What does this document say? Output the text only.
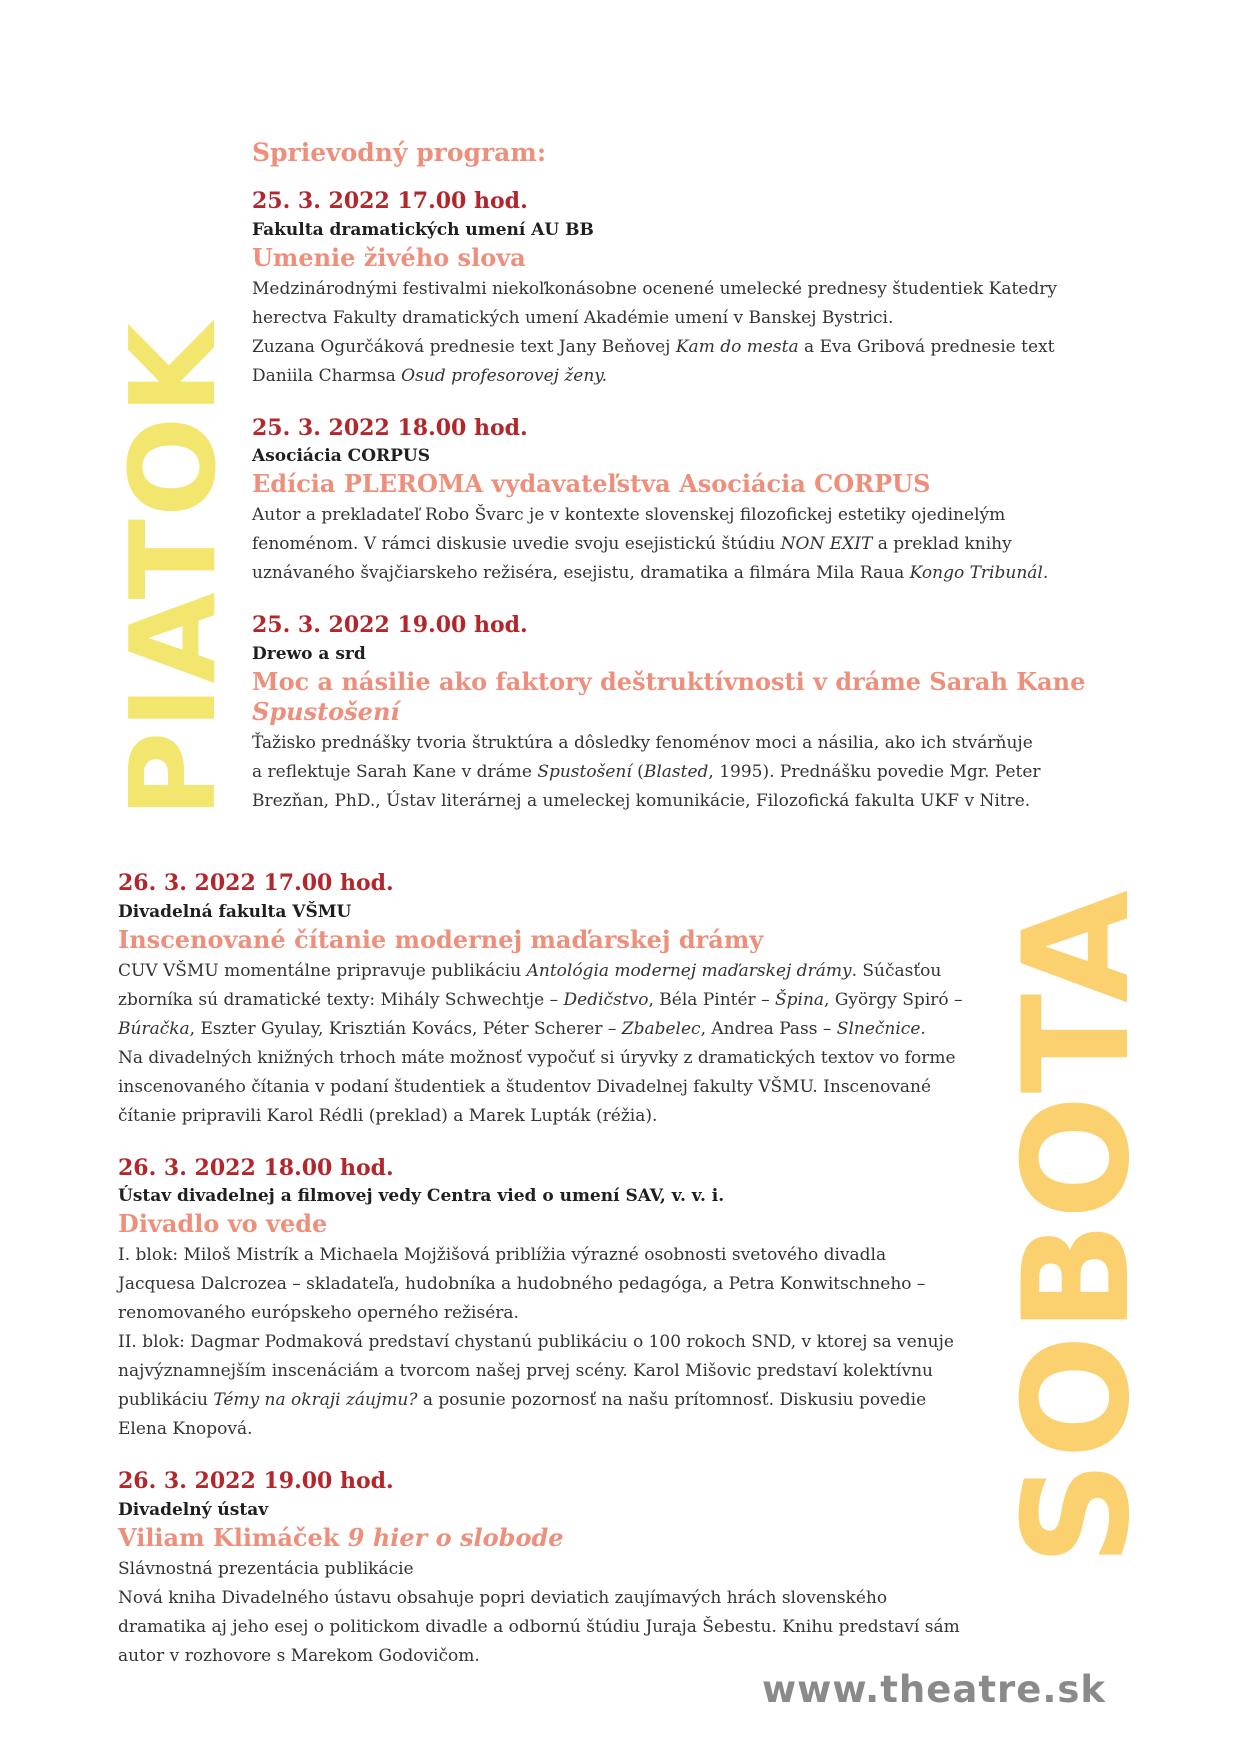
PIATOK
SOBOTA
Sprievodný program:
25. 3. 2022 17.00 hod.
Fakulta dramatických umení AU BB
Umenie živého slova

Medzinárodnými festivalmi niekoľkonásobne ocenené umelecké prednesy študentiek Katedry
herectva Fakulty dramatických umení Akadémie umení v Banskej Bystrici.
Zuzana Ogurčáková prednesie text Jany Beňovej Kam do mesta a Eva Gribová prednesie text
Daniila Charmsa Osud profesorovej ženy.

25. 3. 2022 18.00 hod.
Asociácia CORPUS
Edícia PLEROMA vydavateľstva Asociácia CORPUS

Autor a prekladateľ Robo Švarc je v kontexte slovenskej filozofickej estetiky ojedinelým
fenoménom. V rámci diskusie uvedie svoju esejistickú štúdiu NON EXIT a preklad knihy
uznávaného švajčiarskeho režiséra, esejistu, dramatika a filmára Mila Raua Kongo Tribunál.

25. 3. 2022 19.00 hod.
Drewo a srd
Moc a násilie ako faktory deštruktívnosti v dráme Sarah Kane
Spustošení

Ťažisko prednášky tvoria štruktúra a dôsledky fenoménov moci a násilia, ako ich stvárňuje
a reflektuje Sarah Kane v dráme Spustošení (Blasted, 1995). Prednášku povedie Mgr. Peter
Brezňan, PhD., Ústav literárnej a umeleckej komunikácie, Filozofická fakulta UKF v Nitre.

26. 3. 2022 17.00 hod.
Divadelná fakulta VŠMU
Inscenované čítanie modernej maďarskej drámy

CUV VŠMU momentálne pripravuje publikáciu Antológia modernej maďarskej drámy. Súčasťou
zborníka sú dramatické texty: Mihály Schwechtje – Dedičstvo, Béla Pintér – Špina, György Spiró –
Búračka, Eszter Gyulay, Krisztián Kovács, Péter Scherer – Zbabelec, Andrea Pass – Slnečnice.
Na divadelných knižných trhoch máte možnosť vypočuť si úryvky z dramatických textov vo forme
inscenovaného čítania v podaní študentiek a študentov Divadelnej fakulty VŠMU. Inscenované
čítanie pripravili Karol Rédli (preklad) a Marek Lupták (réžia).

26. 3. 2022 18.00 hod.
Ústav divadelnej a filmovej vedy Centra vied o umení SAV, v. v. i.
Divadlo vo vede

I. blok: Miloš Mistrík a Michaela Mojžišová priblížia výrazné osobnosti svetového divadla
Jacquesa Dalcrozea – skladateľa, hudobníka a hudobného pedagóga, a Petra Konwitschneho –
renomovaného európskeho operného režiséra.
II. blok: Dagmar Podmaková predstaví chystanú publikáciu o 100 rokoch SND, v ktorej sa venuje
najvýznamnejším inscenáciám a tvorcom našej prvej scény. Karol Mišovic predstaví kolektívnu
publikáciu Témy na okraji záujmu? a posunie pozornosť na našu prítomnosť. Diskusiu povedie
Elena Knopová.

26. 3. 2022 19.00 hod.
Divadelný ústav
Viliam Klimáček 9 hier o slobode

Slávnostná prezentácia publikácie
Nová kniha Divadelného ústavu obsahuje popri deviatich zaujímavých hrách slovenského
dramatika aj jeho esej o politickom divadle a odbornú štúdiu Juraja Šebestu. Knihu predstaví sám
autor v rozhovore s Marekom Godovičom.

www.theatre.sk
